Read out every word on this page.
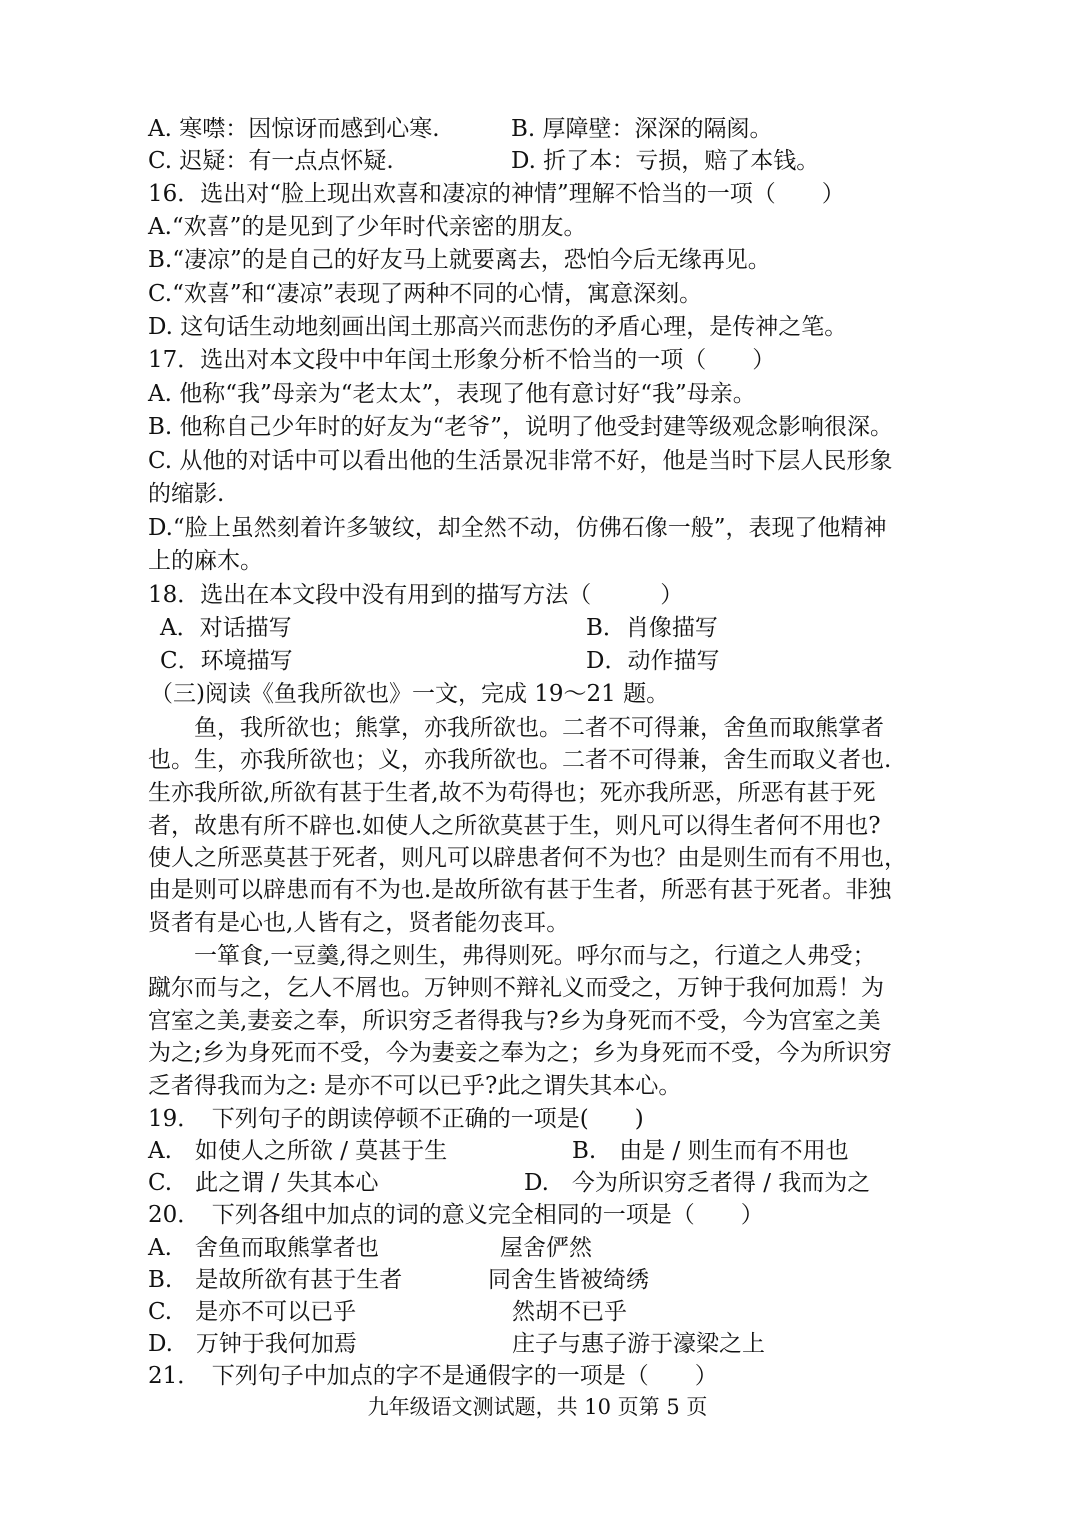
A. 寒噤：因惊讶而感到心寒.	B. 厚障壁：深深的隔阂。
C. 迟疑：有一点点怀疑.	D. 折了本：亏损，赔了本钱。
16．选出对“脸上现出欢喜和凄凉的神情”理解不恰当的一项（　　）
A.“欢喜”的是见到了少年时代亲密的朋友。
B.“凄凉”的是自己的好友马上就要离去，恐怕今后无缘再见。
C.“欢喜”和“凄凉”表现了两种不同的心情，寓意深刻。
D. 这句话生动地刻画出闰土那高兴而悲伤的矛盾心理，是传神之笔。
17．选出对本文段中中年闰土形象分析不恰当的一项（　　）
A. 他称“我”母亲为“老太太”，表现了他有意讨好“我”母亲。
B. 他称自己少年时的好友为“老爷”，说明了他受封建等级观念影响很深。
C. 从他的对话中可以看出他的生活景况非常不好，他是当时下层人民形象
的缩影.
D.“脸上虽然刻着许多皱纹，却全然不动，仿佛石像一般”，表现了他精神
上的麻木。
18．选出在本文段中没有用到的描写方法（　　　）
A．对话描写	B．肖像描写
C．环境描写	D．动作描写
（三)阅读《鱼我所欲也》一文，完成 19～21 题。
　　鱼，我所欲也；熊掌，亦我所欲也。二者不可得兼，舍鱼而取熊掌者
也。生，亦我所欲也；义，亦我所欲也。二者不可得兼，舍生而取义者也.
生亦我所欲,所欲有甚于生者,故不为苟得也；死亦我所恶，所恶有甚于死
者，故患有所不辟也.如使人之所欲莫甚于生，则凡可以得生者何不用也?
使人之所恶莫甚于死者，则凡可以辟患者何不为也？由是则生而有不用也，
由是则可以辟患而有不为也.是故所欲有甚于生者，所恶有甚于死者。非独
贤者有是心也,人皆有之，贤者能勿丧耳。
　　一箪食,一豆羹,得之则生，弗得则死。呼尔而与之，行道之人弗受；
蹴尔而与之，乞人不屑也。万钟则不辩礼义而受之，万钟于我何加焉！为
宫室之美,妻妾之奉，所识穷乏者得我与?乡为身死而不受，今为宫室之美
为之;乡为身死而不受，今为妻妾之奉为之；乡为身死而不受，今为所识穷
乏者得我而为之: 是亦不可以已乎?此之谓失其本心。
19．　下列句子的朗读停顿不正确的一项是(　　)
A.　如使人之所欲 / 莫甚于生	B.　由是 / 则生而有不用也
C.　此之谓 / 失其本心	D.　今为所识穷乏者得 / 我而为之
20．　下列各组中加点的词的意义完全相同的一项是（　　）
A.　舍鱼而取熊掌者也	屋舍俨然
B.　是故所欲有甚于生者	同舍生皆被绮绣
C.　是亦不可以已乎	然胡不已乎
D.　万钟于我何加焉	庄子与惠子游于濠梁之上
21．　下列句子中加点的字不是通假字的一项是（　　）
九年级语文测试题，共 10 页第 5 页
